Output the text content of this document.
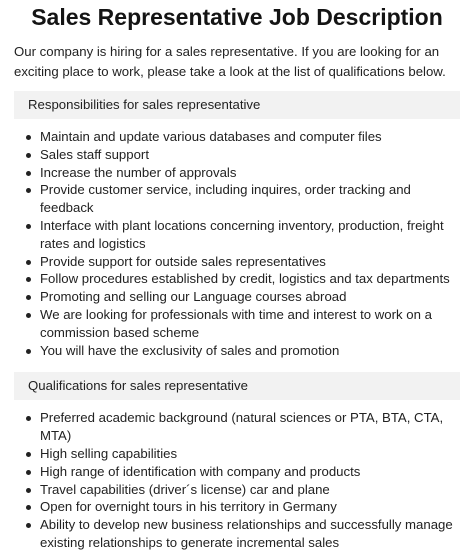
Sales Representative Job Description

Our company is hiring for a sales representative. If you are looking for an exciting place to work, please take a look at the list of qualifications below.

Responsibilities for sales representative
Maintain and update various databases and computer files
Sales staff support
Increase the number of approvals
Provide customer service, including inquires, order tracking and feedback
Interface with plant locations concerning inventory, production, freight rates and logistics
Provide support for outside sales representatives
Follow procedures established by credit, logistics and tax departments
Promoting and selling our Language courses abroad
We are looking for professionals with time and interest to work on a commission based scheme
You will have the exclusivity of sales and promotion
Qualifications for sales representative
Preferred academic background (natural sciences or PTA, BTA, CTA, MTA)
High selling capabilities
High range of identification with company and products
Travel capabilities (driver´s license) car and plane
Open for overnight tours in his territory in Germany
Ability to develop new business relationships and successfully manage existing relationships to generate incremental sales
